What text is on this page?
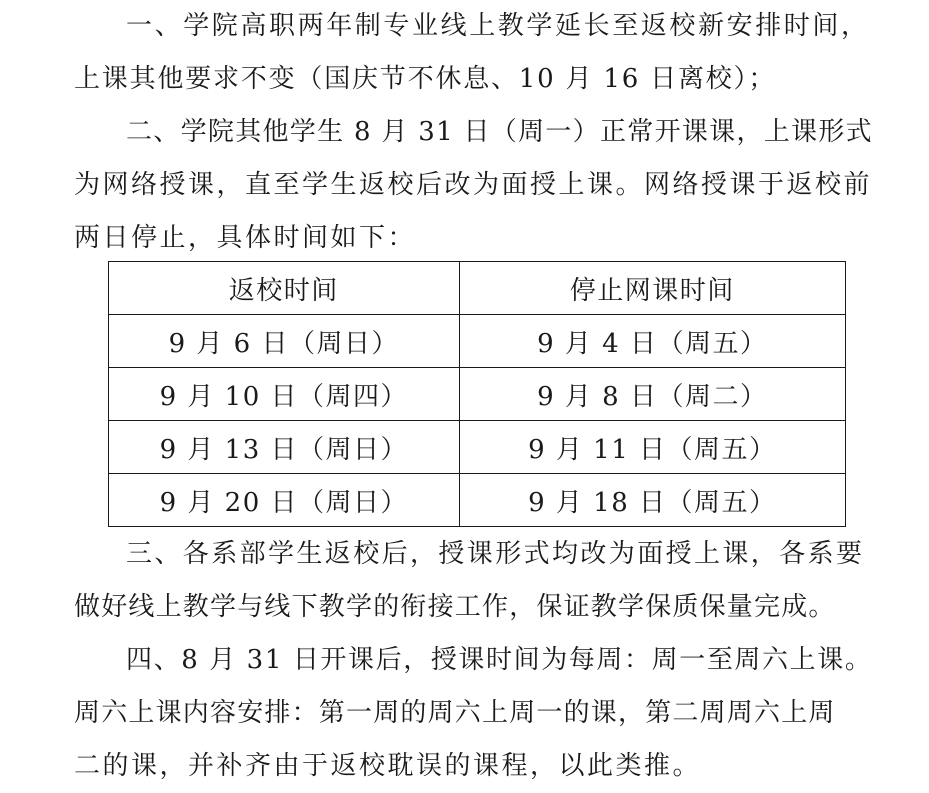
一、学院高职两年制专业线上教学延长至返校新安排时间，
上课其他要求不变（国庆节不休息、10 月 16 日离校）；
二、学院其他学生 8 月 31 日（周一）正常开课课，上课形式
为网络授课，直至学生返校后改为面授上课。网络授课于返校前
两日停止，具体时间如下：
返校时间	停止网课时间
9 月 6 日（周日）	9 月 4 日（周五）
9 月 10 日（周四）	9 月 8 日（周二）
9 月 13 日（周日）	9 月 11 日（周五）
9 月 20 日（周日）	9 月 18 日（周五）
三、各系部学生返校后，授课形式均改为面授上课，各系要
做好线上教学与线下教学的衔接工作，保证教学保质保量完成。
四、8 月 31 日开课后，授课时间为每周：周一至周六上课。
周六上课内容安排：第一周的周六上周一的课，第二周周六上周
二的课，并补齐由于返校耽误的课程，以此类推。
